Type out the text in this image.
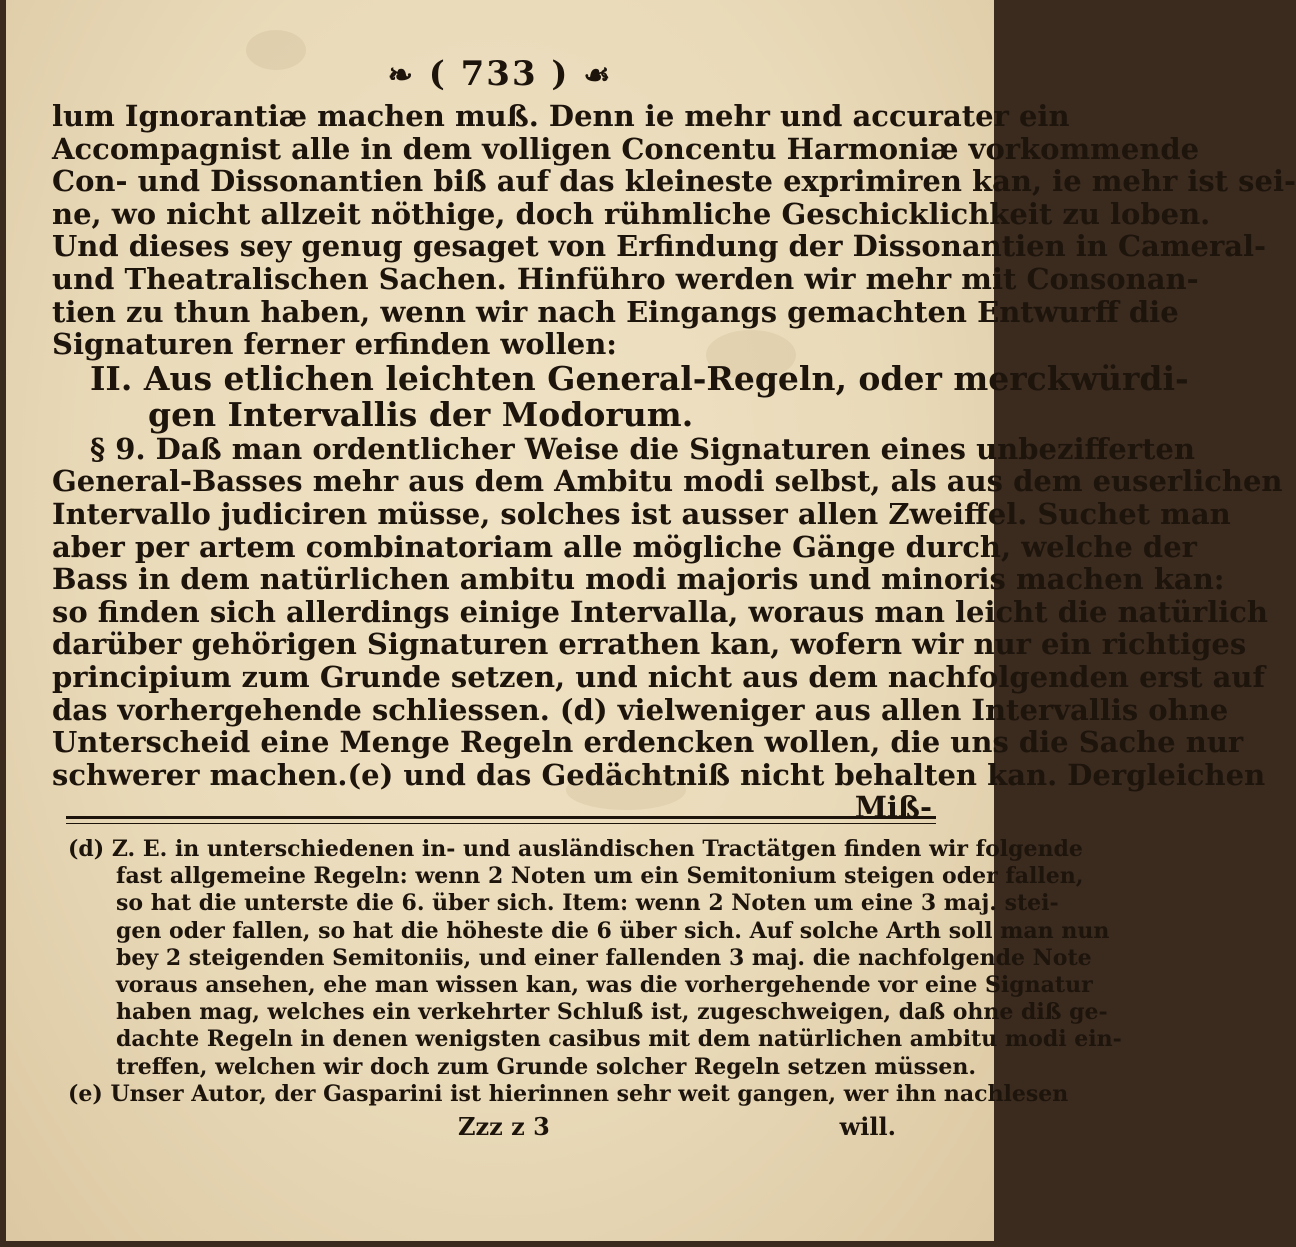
❧ ( 733 ) ☙
lum Ignorantiæ machen muß. Denn ie mehr und accurater ein
Accompagnist alle in dem volligen Concentu Harmoniæ vorkommende
Con- und Dissonantien biß auf das kleineste exprimiren kan, ie mehr ist sei-
ne, wo nicht allzeit nöthige, doch rühmliche Geschicklichkeit zu loben.
Und dieses sey genug gesaget von Erfindung der Dissonantien in Cameral-
und Theatralischen Sachen. Hinführo werden wir mehr mit Consonan-
tien zu thun haben, wenn wir nach Eingangs gemachten Entwurff die
Signaturen ferner erfinden wollen:
II. Aus etlichen leichten General-Regeln, oder merckwürdi-
gen Intervallis der Modorum.
§ 9. Daß man ordentlicher Weise die Signaturen eines unbezifferten
General-Basses mehr aus dem Ambitu modi selbst, als aus dem euserlichen
Intervallo judiciren müsse, solches ist ausser allen Zweiffel. Suchet man
aber per artem combinatoriam alle mögliche Gänge durch, welche der
Bass in dem natürlichen ambitu modi majoris und minoris machen kan:
so finden sich allerdings einige Intervalla, woraus man leicht die natürlich
darüber gehörigen Signaturen errathen kan, wofern wir nur ein richtiges
principium zum Grunde setzen, und nicht aus dem nachfolgenden erst auf
das vorhergehende schliessen. (d) vielweniger aus allen Intervallis ohne
Unterscheid eine Menge Regeln erdencken wollen, die uns die Sache nur
schwerer machen.(e) und das Gedächtniß nicht behalten kan. Dergleichen
Miß-
(d) Z. E. in unterschiedenen in- und ausländischen Tractätgen finden wir folgende
fast allgemeine Regeln: wenn 2 Noten um ein Semitonium steigen oder fallen,
so hat die unterste die 6. über sich. Item: wenn 2 Noten um eine 3 maj. stei-
gen oder fallen, so hat die höheste die 6 über sich. Auf solche Arth soll man nun
bey 2 steigenden Semitoniis, und einer fallenden 3 maj. die nachfolgende Note
voraus ansehen, ehe man wissen kan, was die vorhergehende vor eine Signatur
haben mag, welches ein verkehrter Schluß ist, zugeschweigen, daß ohne diß ge-
dachte Regeln in denen wenigsten casibus mit dem natürlichen ambitu modi ein-
treffen, welchen wir doch zum Grunde solcher Regeln setzen müssen.
(e) Unser Autor, der Gasparini ist hierinnen sehr weit gangen, wer ihn nachlesen
Zzz z 3	will.
